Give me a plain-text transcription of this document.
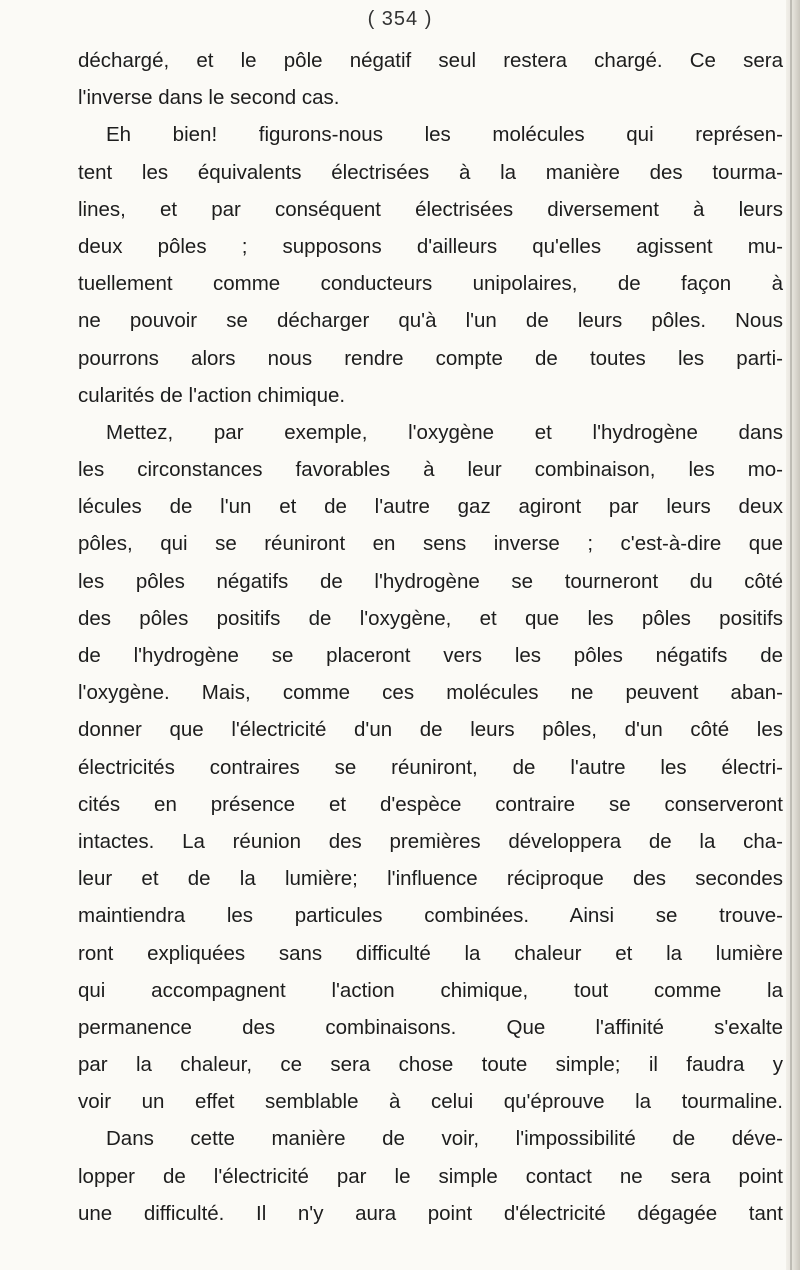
( 354 )
déchargé, et le pôle négatif seul restera chargé. Ce sera
l'inverse dans le second cas.
Eh bien! figurons-nous les molécules qui représen-
tent les équivalents électrisées à la manière des tourma-
lines, et par conséquent électrisées diversement à leurs
deux pôles ; supposons d'ailleurs qu'elles agissent mu-
tuellement comme conducteurs unipolaires, de façon à
ne pouvoir se décharger qu'à l'un de leurs pôles. Nous
pourrons alors nous rendre compte de toutes les parti-
cularités de l'action chimique.
Mettez, par exemple, l'oxygène et l'hydrogène dans
les circonstances favorables à leur combinaison, les mo-
lécules de l'un et de l'autre gaz agiront par leurs deux
pôles, qui se réuniront en sens inverse ; c'est-à-dire que
les pôles négatifs de l'hydrogène se tourneront du côté
des pôles positifs de l'oxygène, et que les pôles positifs
de l'hydrogène se placeront vers les pôles négatifs de
l'oxygène. Mais, comme ces molécules ne peuvent aban-
donner que l'électricité d'un de leurs pôles, d'un côté les
électricités contraires se réuniront, de l'autre les électri-
cités en présence et d'espèce contraire se conserveront
intactes. La réunion des premières développera de la cha-
leur et de la lumière; l'influence réciproque des secondes
maintiendra les particules combinées. Ainsi se trouve-
ront expliquées sans difficulté la chaleur et la lumière
qui accompagnent l'action chimique, tout comme la
permanence des combinaisons. Que l'affinité s'exalte
par la chaleur, ce sera chose toute simple; il faudra y
voir un effet semblable à celui qu'éprouve la tourmaline.
Dans cette manière de voir, l'impossibilité de déve-
lopper de l'électricité par le simple contact ne sera point
une difficulté. Il n'y aura point d'électricité dégagée tant
